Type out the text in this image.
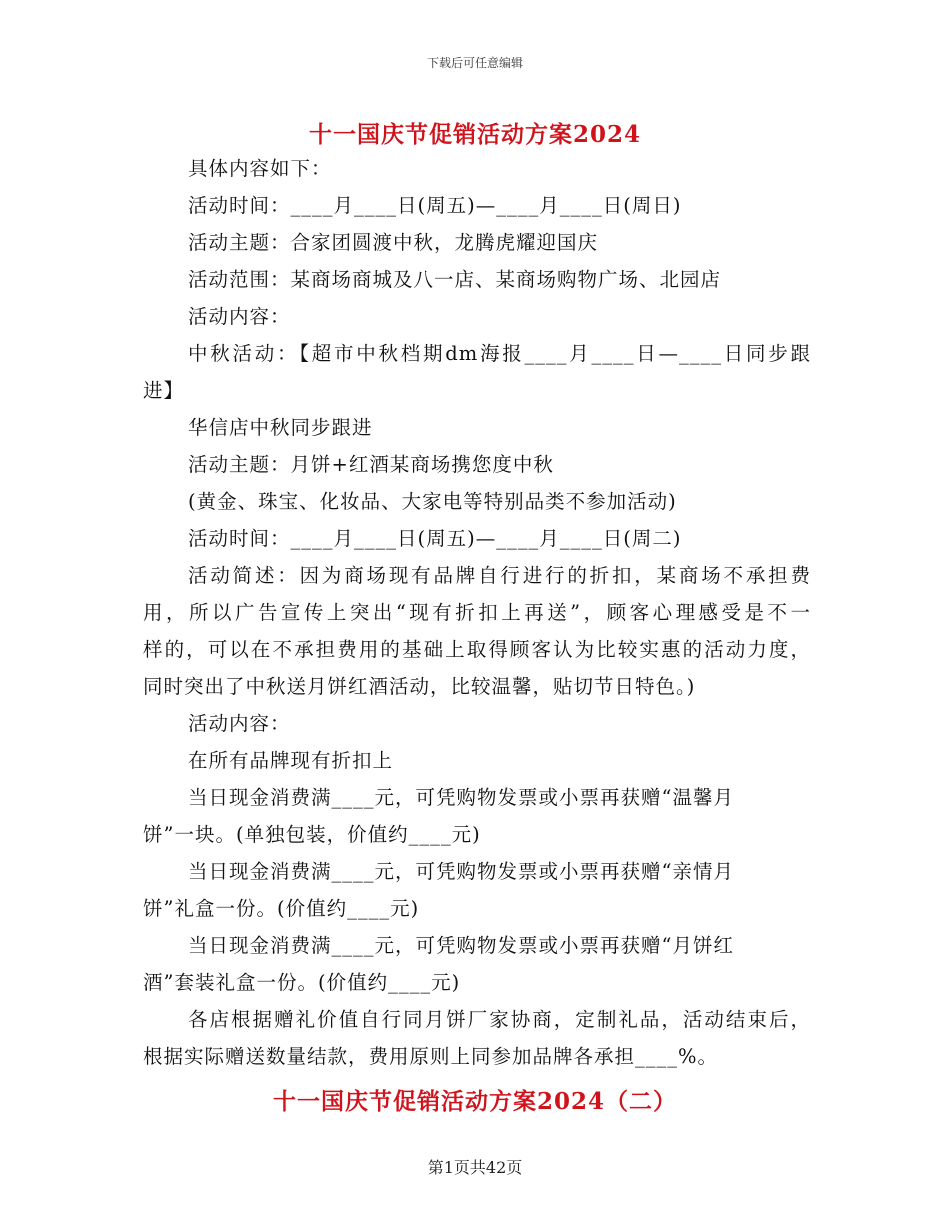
下载后可任意编辑
十一国庆节促销活动方案2024
具体内容如下：
活动时间：____月____日(周五)—____月____日(周日)
活动主题：合家团圆渡中秋，龙腾虎耀迎国庆
活动范围：某商场商城及八一店、某商场购物广场、北园店
活动内容：
中秋活动：【超市中秋档期dm海报____月____日—____日同步跟
进】
华信店中秋同步跟进
活动主题：月饼+红酒某商场携您度中秋
(黄金、珠宝、化妆品、大家电等特别品类不参加活动)
活动时间：____月____日(周五)—____月____日(周二)
活动简述：因为商场现有品牌自行进行的折扣，某商场不承担费
用，所以广告宣传上突出“现有折扣上再送”，顾客心理感受是不一
样的，可以在不承担费用的基础上取得顾客认为比较实惠的活动力度，
同时突出了中秋送月饼红酒活动，比较温馨，贴切节日特色。)
活动内容：
在所有品牌现有折扣上
当日现金消费满____元，可凭购物发票或小票再获赠“温馨月
饼”一块。(单独包装，价值约____元)
当日现金消费满____元，可凭购物发票或小票再获赠“亲情月
饼”礼盒一份。(价值约____元)
当日现金消费满____元，可凭购物发票或小票再获赠“月饼红
酒”套装礼盒一份。(价值约____元)
各店根据赠礼价值自行同月饼厂家协商，定制礼品，活动结束后，
根据实际赠送数量结款，费用原则上同参加品牌各承担____%。
十一国庆节促销活动方案2024（二）
第1页共42页
